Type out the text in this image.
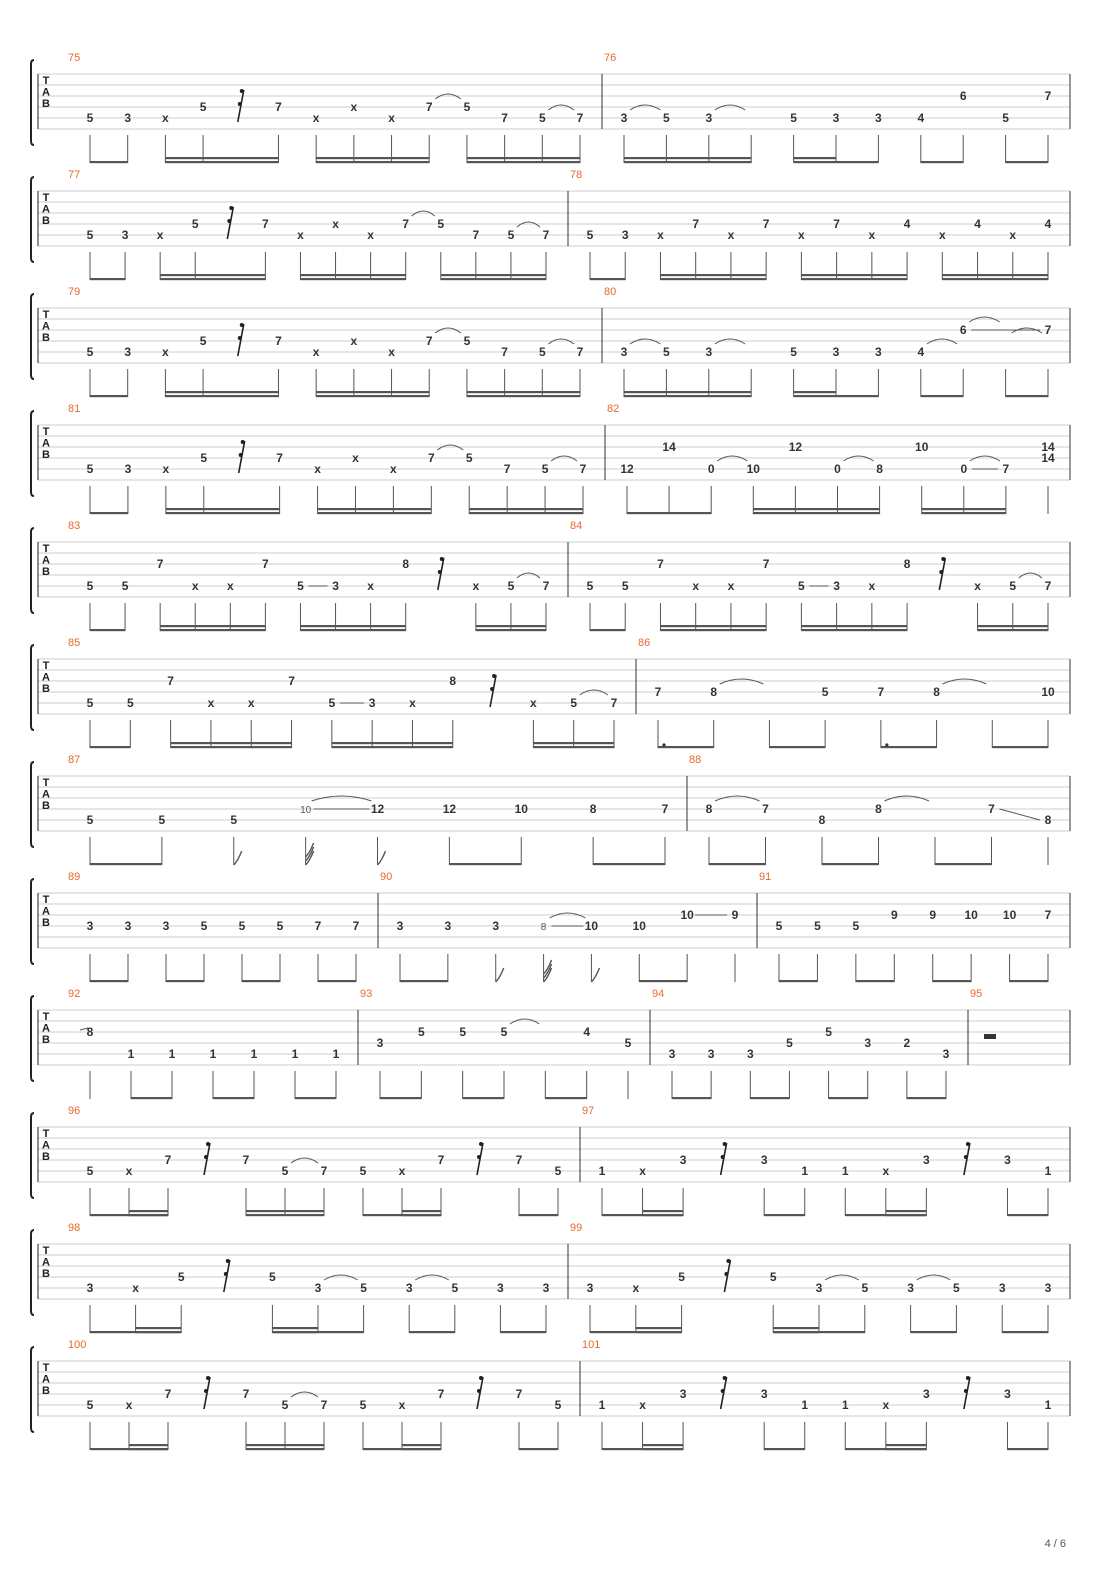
T
A
B
75
5	3	x
5	7
x
x
x
7	5
7	5	7
76
3	5	3	5	3	3	4
6
5
7
T
A
B
77
5 3 x
5	7
x
x
x
7 5
7 5 7
78
5 3 x
7
x
7
x
7
x
4
x
4
x
4
T
A
B
79
5	3	x
5	7
x
x
x
7	5
7	5	7
80
3	5	3	5	3	3	4
6	7
T
A
B
81
5	3	x
5	7
x
x
x
7	5
7	5	7
82
12
14
0	10
12
0	8
10
0	7
14
14
T
A
B
83
5 5
7
x x
7
5 3 x
8
x 5 7
84
5 5
7
x x
7
5 3 x
8
x 5 7
T
A
B
85
5	5
7
x	x
7
5	3	x
8
x	5	7
86
7	8	5	7	8	10
T
A
B
87
5	5	5
10	12	12	10	8	7
88
8	7
8
8	7
8
T
A
B
89
3	3	3	5	5	5	7	7
90
3	3	3	8	10	10
10	9
91
5	5	5
9	9 10 10 7
T
A
B
92
8
1	1	1	1	1	1
93
3
5	5	5	4
5
94
3	3	3
5
5
3	2
3
95
T
A
B
96
5	x
7	7
5	7	5	x
7	7
5
97
1	x
3	3
1	1	x
3	3
1
T
A
B
98
3	x
5	5
3	5	3	5	3	3
99
3	x
5	5
3	5	3	5	3	3
T
A
B
100
5	x
7	7
5	7	5	x
7	7
5
101
1	x
3	3
1	1	x
3	3
1
4 / 6
